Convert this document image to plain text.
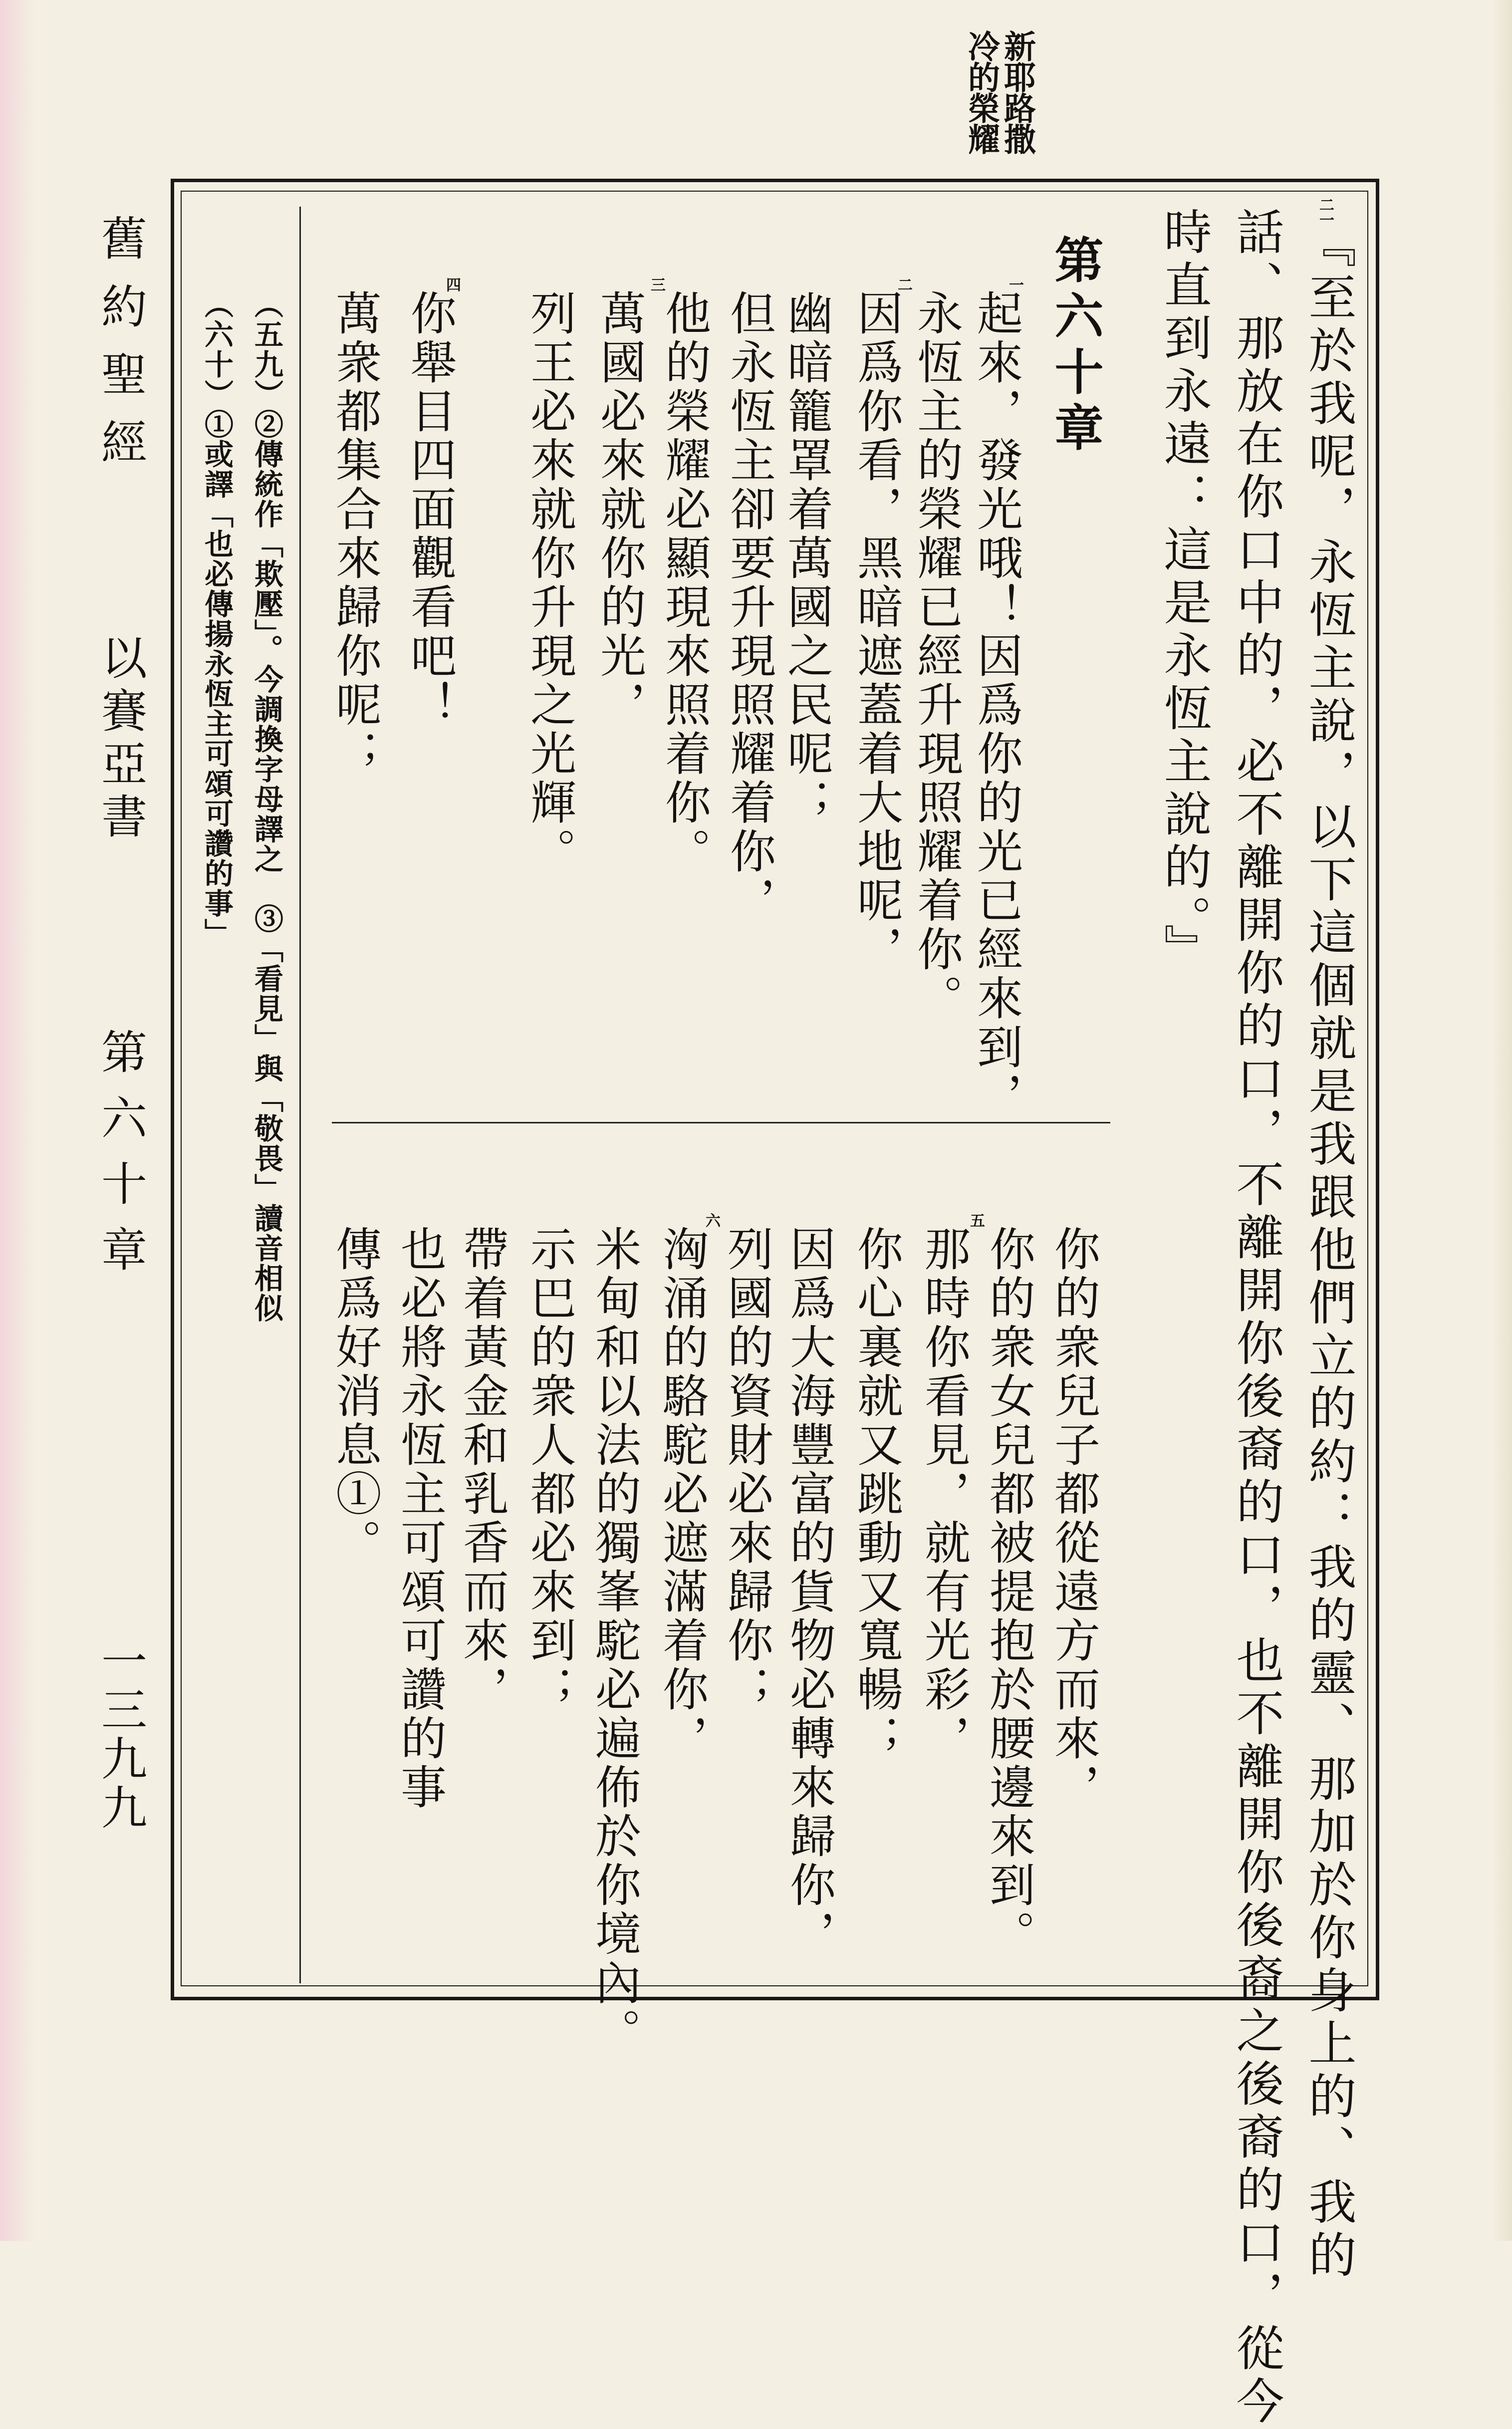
新耶路撒
冷的榮耀
二一
『至於我呢，永恆主說，以下這個就是我跟他們立的約：我的靈、那加於你身上的、我的
話、那放在你口中的，必不離開你的口，不離開你後裔的口，也不離開你後裔之後裔的口，從今
時直到永遠：這是永恆主說的。』
第六十章
一
起來，發光哦！因爲你的光已經來到，
永恆主的榮耀已經升現照耀着你。
二
因爲你看，黑暗遮蓋着大地呢，
幽暗籠罩着萬國之民呢；
但永恆主卻要升現照耀着你，
他的榮耀必顯現來照着你。
三
萬國必來就你的光，
列王必來就你升現之光輝。
四
你舉目四面觀看吧！
萬衆都集合來歸你呢；
你的衆兒子都從遠方而來，
你的衆女兒都被提抱於腰邊來到。
五
那時你看見，就有光彩，
你心裏就又跳動又寬暢；
因爲大海豐富的貨物必轉來歸你，
列國的資財必來歸你；
六
洶涌的駱駝必遮滿着你，
米甸和以法的獨峯駝必遍佈於你境內。
示巴的衆人都必來到；
帶着黃金和乳香而來，
也必將永恆主可頌可讚的事
傳爲好消息①。
（五九）②傳統作「欺壓」。今調換字母譯之　③「看見」與「敬畏」讀音相似
（六十）①或譯「也必傳揚永恆主可頌可讚的事」
舊約聖經
以賽亞書
第六十章
一三九九
